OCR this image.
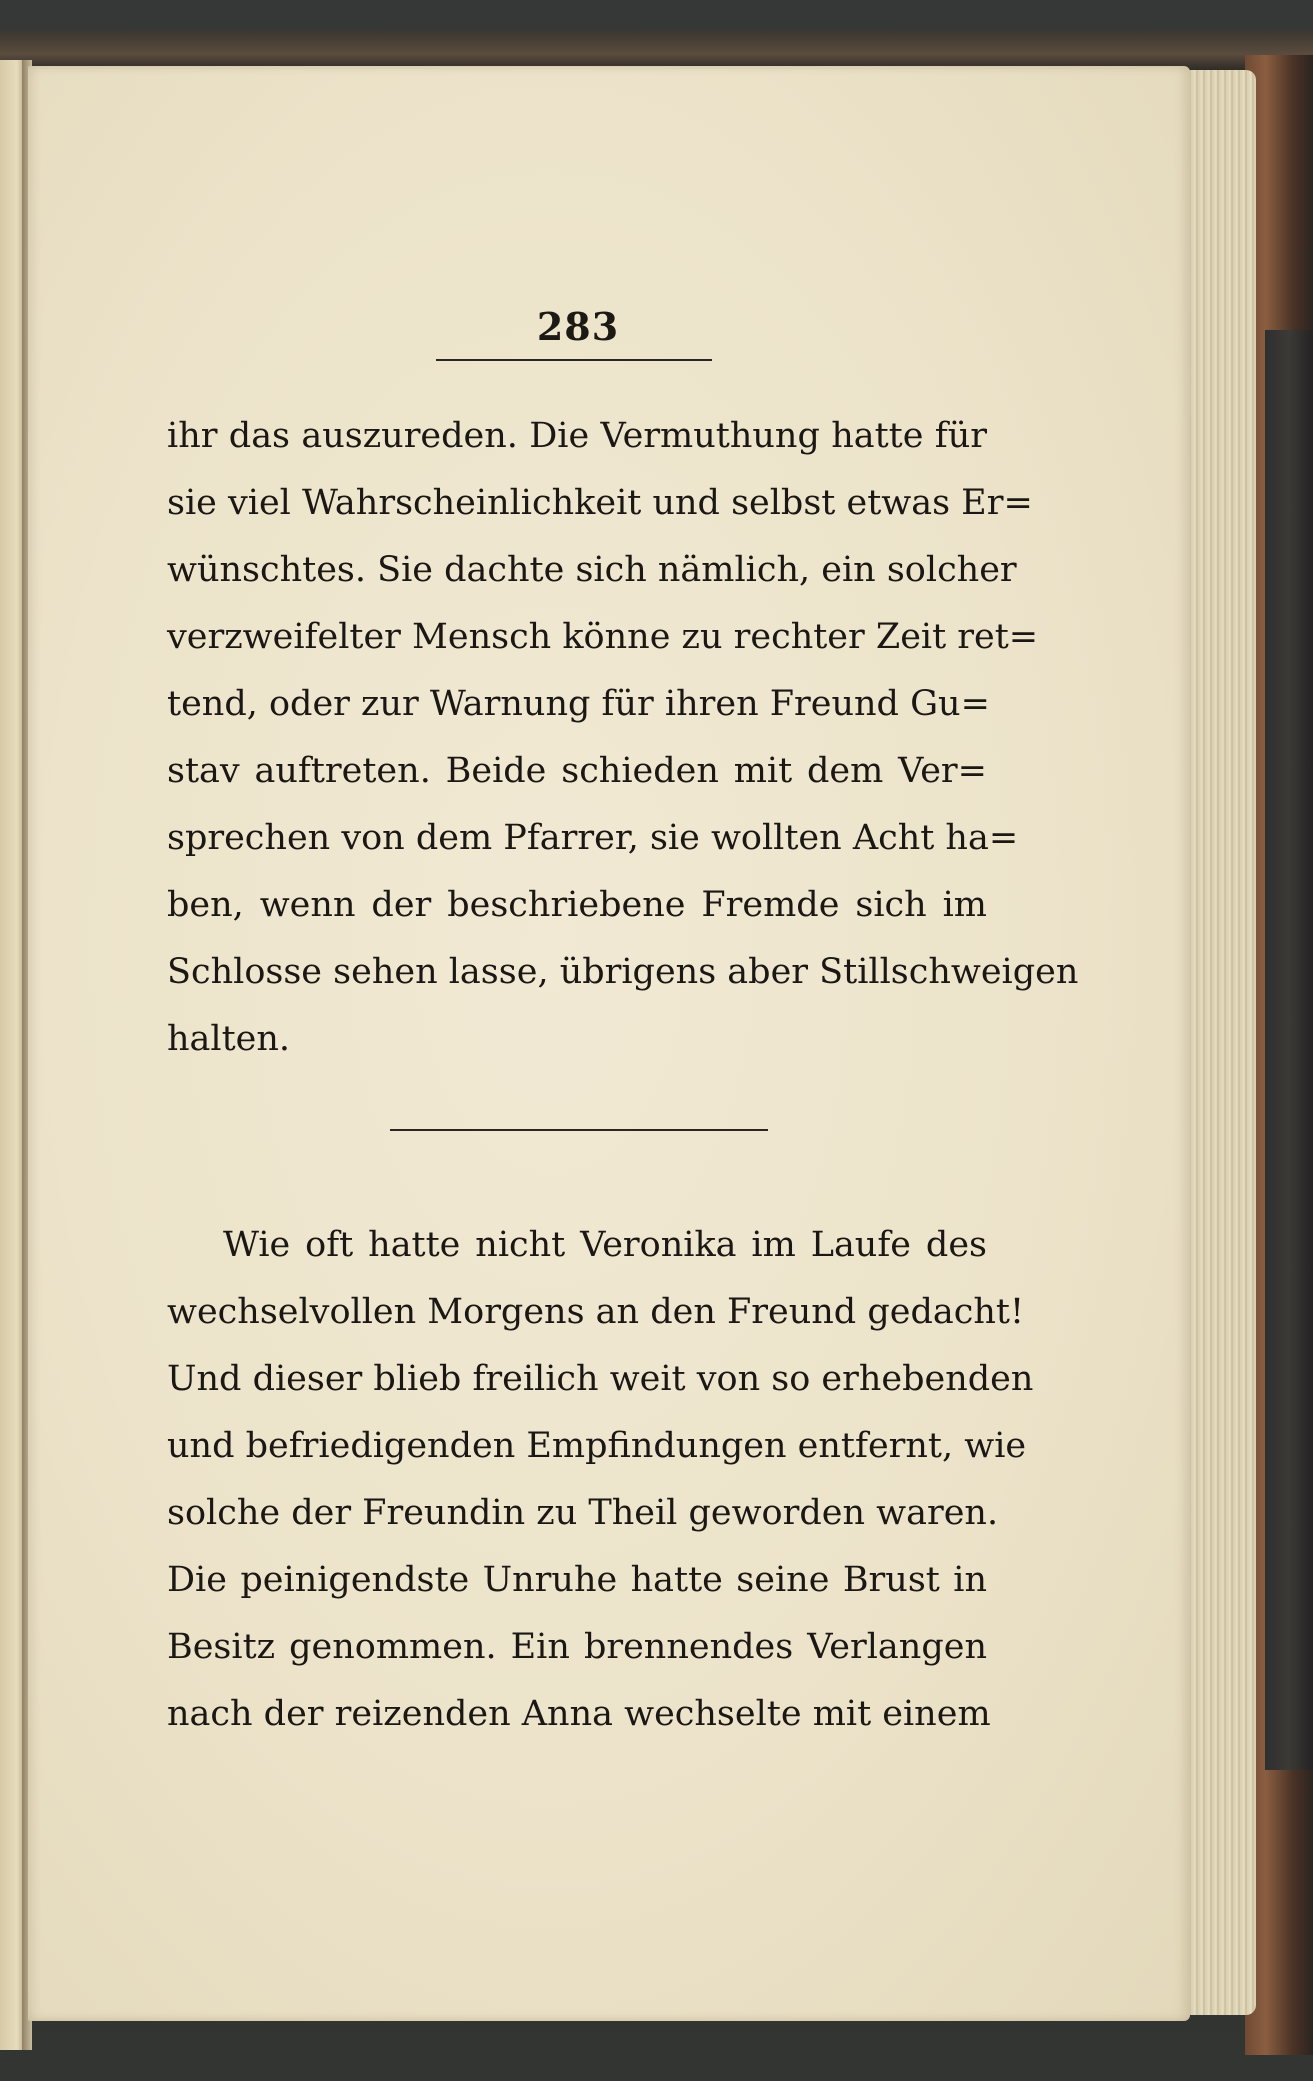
283
ihr das auszureden. Die Vermuthung hatte für
sie viel Wahrscheinlichkeit und selbst etwas Er=
wünschtes. Sie dachte sich nämlich, ein solcher
verzweifelter Mensch könne zu rechter Zeit ret=
tend, oder zur Warnung für ihren Freund Gu=
stav auftreten. Beide schieden mit dem Ver=
sprechen von dem Pfarrer, sie wollten Acht ha=
ben, wenn der beschriebene Fremde sich im
Schlosse sehen lasse, übrigens aber Stillschweigen
halten.
Wie oft hatte nicht Veronika im Laufe des
wechselvollen Morgens an den Freund gedacht!
Und dieser blieb freilich weit von so erhebenden
und befriedigenden Empfindungen entfernt, wie
solche der Freundin zu Theil geworden waren.
Die peinigendste Unruhe hatte seine Brust in
Besitz genommen. Ein brennendes Verlangen
nach der reizenden Anna wechselte mit einem
